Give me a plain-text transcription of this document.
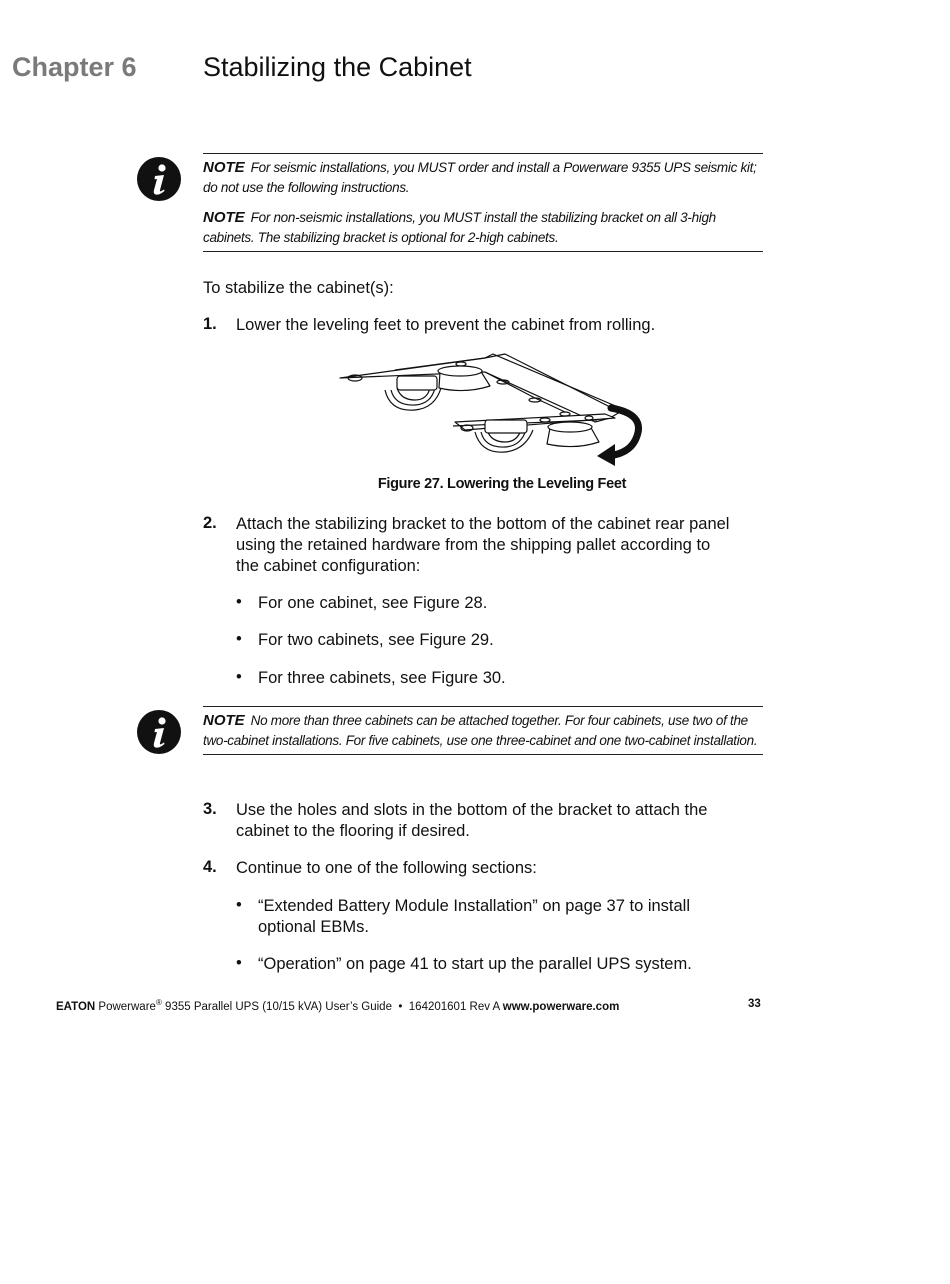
Chapter 6 Stabilizing the Cabinet

NOTE For seismic installations, you MUST order and install a Powerware 9355 UPS seismic kit; do not use the following instructions.

NOTE For non-seismic installations, you MUST install the stabilizing bracket on all 3-high cabinets. The stabilizing bracket is optional for 2-high cabinets.

To stabilize the cabinet(s):
1. Lower the leveling feet to prevent the cabinet from rolling.
Figure 27. Lowering the Leveling Feet
2. Attach the stabilizing bracket to the bottom of the cabinet rear panel
using the retained hardware from the shipping pallet according to
the cabinet configuration:
• For one cabinet, see Figure 28.
• For two cabinets, see Figure 29.
• For three cabinets, see Figure 30.

NOTE No more than three cabinets can be attached together. For four cabinets, use two of the two-cabinet installations. For five cabinets, use one three-cabinet and one two-cabinet installation.

3. Use the holes and slots in the bottom of the bracket to attach the
cabinet to the flooring if desired.
4. Continue to one of the following sections:
• “Extended Battery Module Installation” on page 37 to install
optional EBMs.
• “Operation” on page 41 to start up the parallel UPS system.
EATON Powerware® 9355 Parallel UPS (10/15 kVA) User’s Guide • 164201601 Rev A www.powerware.com	33
